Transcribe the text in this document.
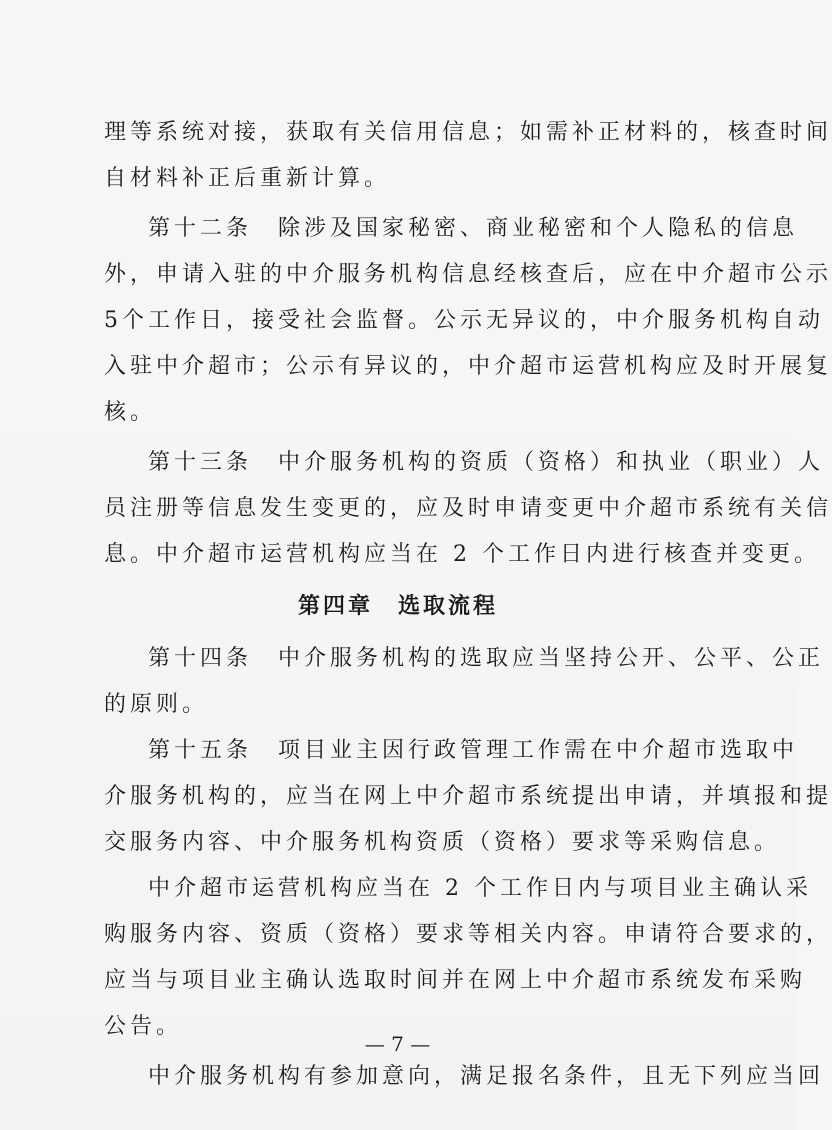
理等系统对接，获取有关信用信息；如需补正材料的，核查时间
自材料补正后重新计算。
第十二条　除涉及国家秘密、商业秘密和个人隐私的信息
外，申请入驻的中介服务机构信息经核查后，应在中介超市公示
5个工作日，接受社会监督。公示无异议的，中介服务机构自动
入驻中介超市；公示有异议的，中介超市运营机构应及时开展复
核。
第十三条　中介服务机构的资质（资格）和执业（职业）人
员注册等信息发生变更的，应及时申请变更中介超市系统有关信
息。中介超市运营机构应当在 2 个工作日内进行核查并变更。
第四章　选取流程
第十四条　中介服务机构的选取应当坚持公开、公平、公正
的原则。
第十五条　项目业主因行政管理工作需在中介超市选取中
介服务机构的，应当在网上中介超市系统提出申请，并填报和提
交服务内容、中介服务机构资质（资格）要求等采购信息。
中介超市运营机构应当在 2 个工作日内与项目业主确认采
购服务内容、资质（资格）要求等相关内容。申请符合要求的，
应当与项目业主确认选取时间并在网上中介超市系统发布采购
公告。
中介服务机构有参加意向，满足报名条件，且无下列应当回
— 7 —
